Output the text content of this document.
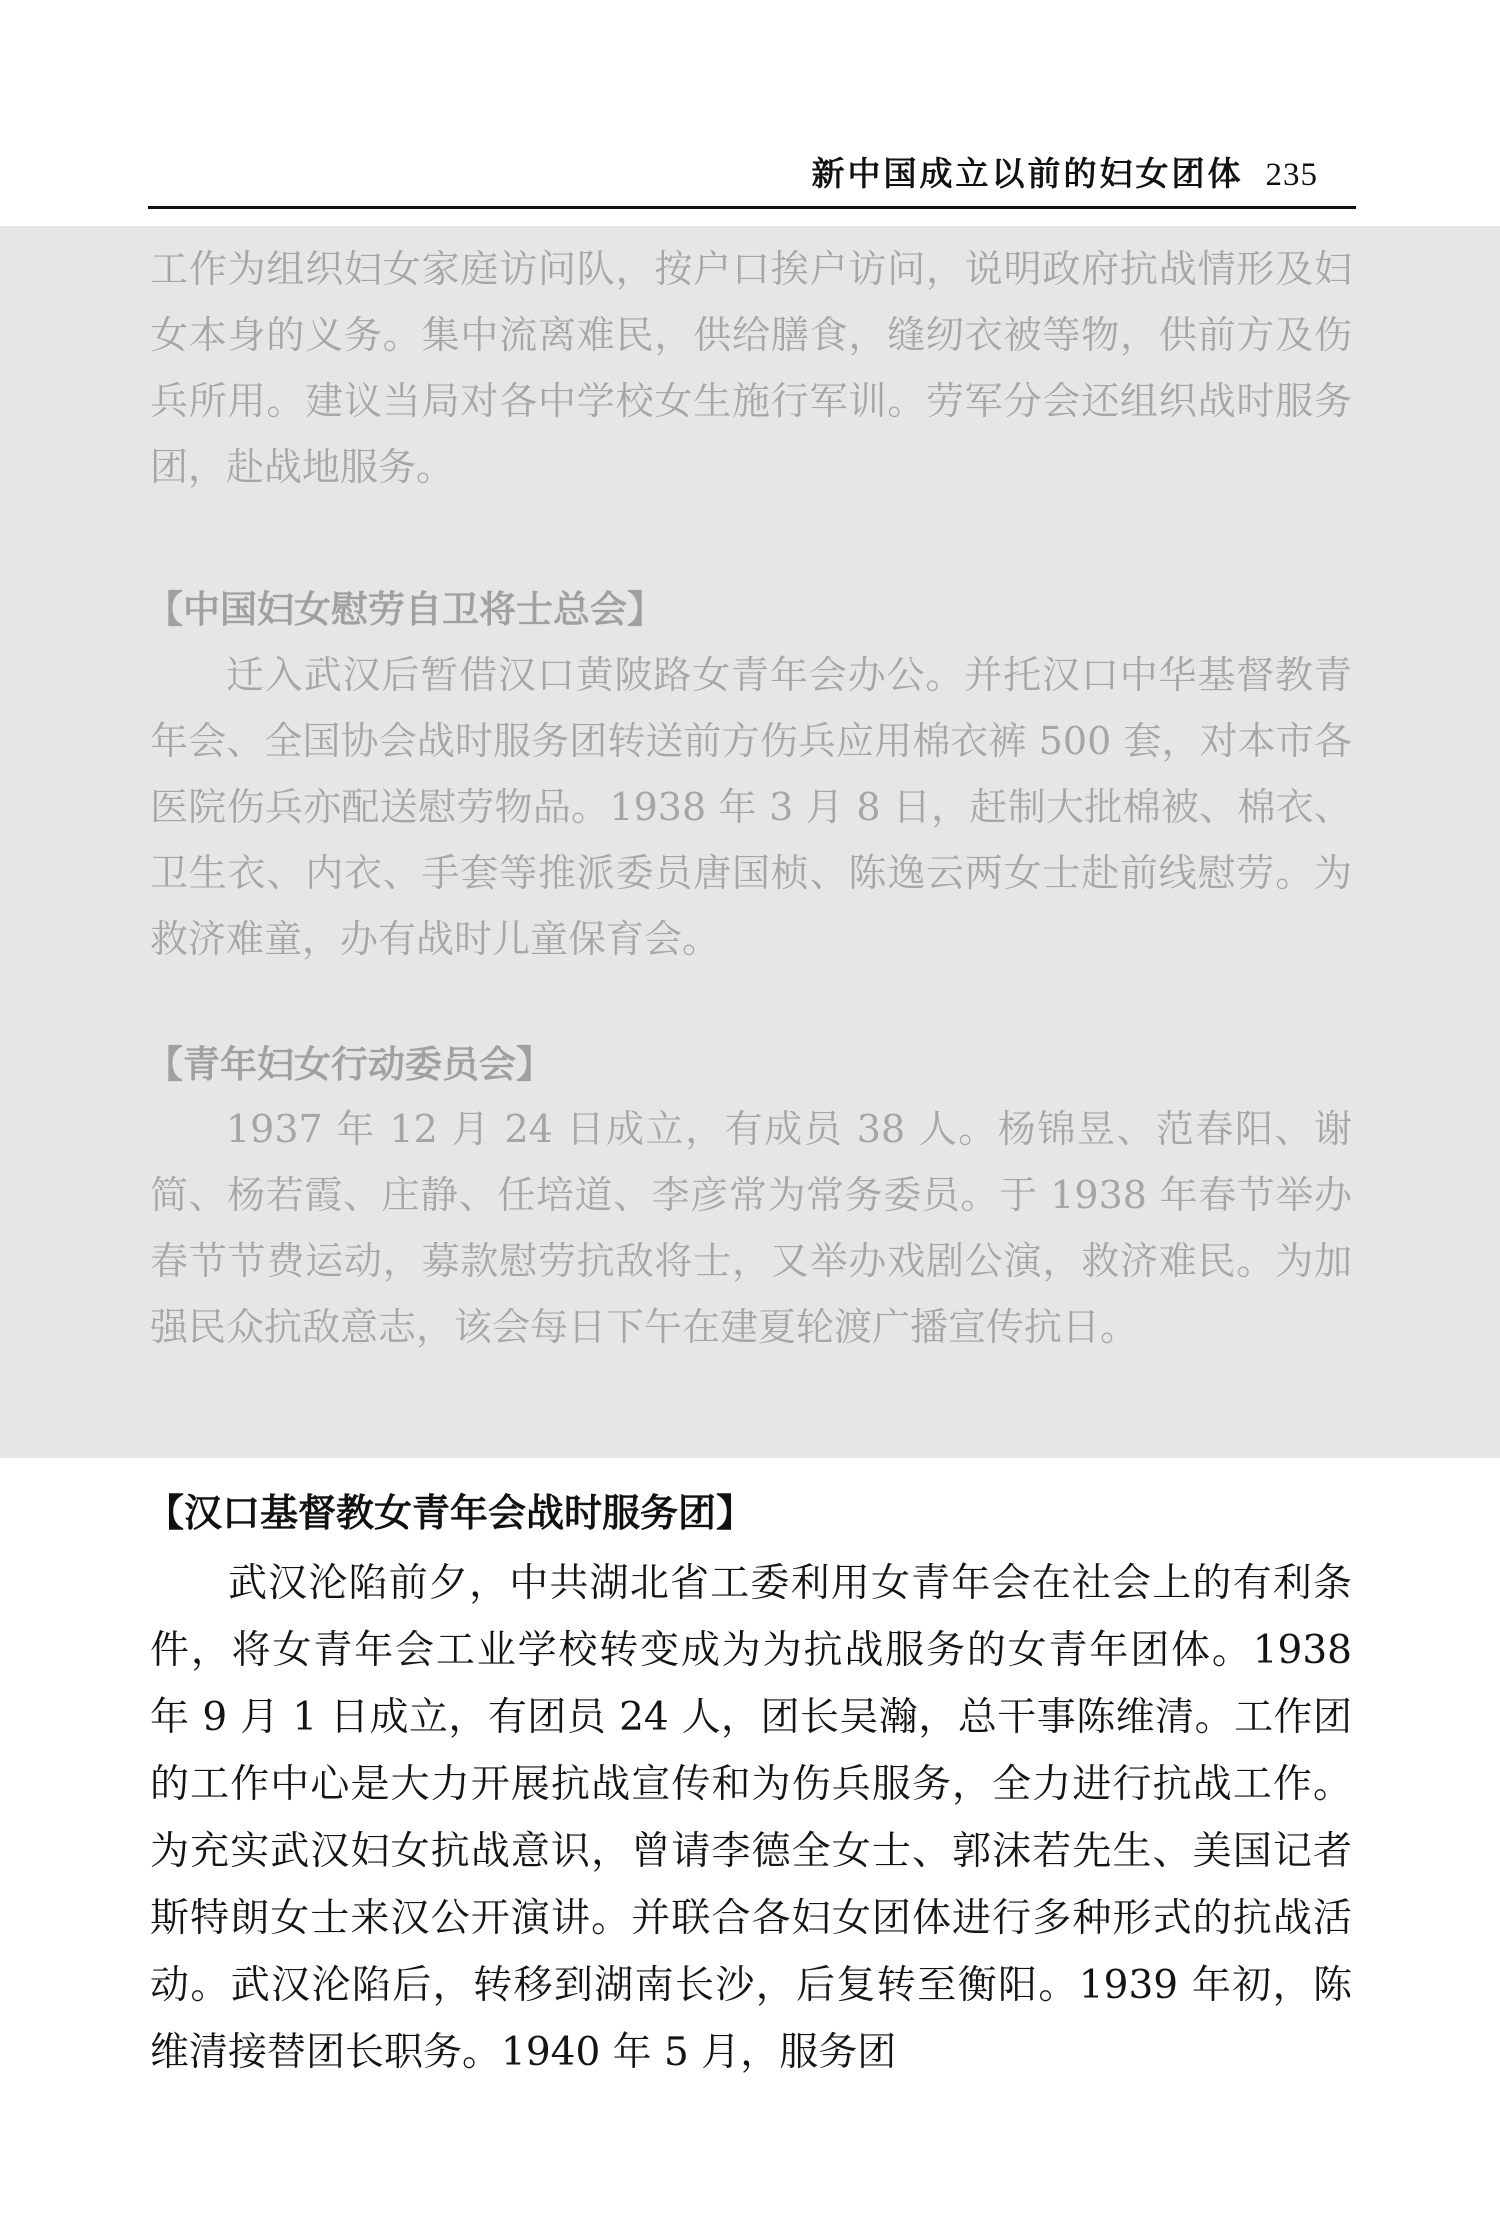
新中国成立以前的妇女团体 235

工作为组织妇女家庭访问队，按户口挨户访问，说明政府抗战情形及妇女本身的义务。集中流离难民，供给膳食，缝纫衣被等物，供前方及伤兵所用。建议当局对各中学校女生施行军训。劳军分会还组织战时服务团，赴战地服务。

【中国妇女慰劳自卫将士总会】

迁入武汉后暂借汉口黄陂路女青年会办公。并托汉口中华基督教青年会、全国协会战时服务团转送前方伤兵应用棉衣裤 500 套，对本市各医院伤兵亦配送慰劳物品。1938 年 3 月 8 日，赶制大批棉被、棉衣、卫生衣、内衣、手套等推派委员唐国桢、陈逸云两女士赴前线慰劳。为救济难童，办有战时儿童保育会。

【青年妇女行动委员会】

1937 年 12 月 24 日成立，有成员 38 人。杨锦昱、范春阳、谢简、杨若霞、庄静、任培道、李彦常为常务委员。于 1938 年春节举办春节节费运动，募款慰劳抗敌将士，又举办戏剧公演，救济难民。为加强民众抗敌意志，该会每日下午在建夏轮渡广播宣传抗日。

【汉口基督教女青年会战时服务团】

武汉沦陷前夕，中共湖北省工委利用女青年会在社会上的有利条件，将女青年会工业学校转变成为为抗战服务的女青年团体。1938 年 9 月 1 日成立，有团员 24 人，团长吴瀚，总干事陈维清。工作团的工作中心是大力开展抗战宣传和为伤兵服务，全力进行抗战工作。为充实武汉妇女抗战意识，曾请李德全女士、郭沫若先生、美国记者斯特朗女士来汉公开演讲。并联合各妇女团体进行多种形式的抗战活动。武汉沦陷后，转移到湖南长沙，后复转至衡阳。1939 年初，陈维清接替团长职务。1940 年 5 月，服务团
